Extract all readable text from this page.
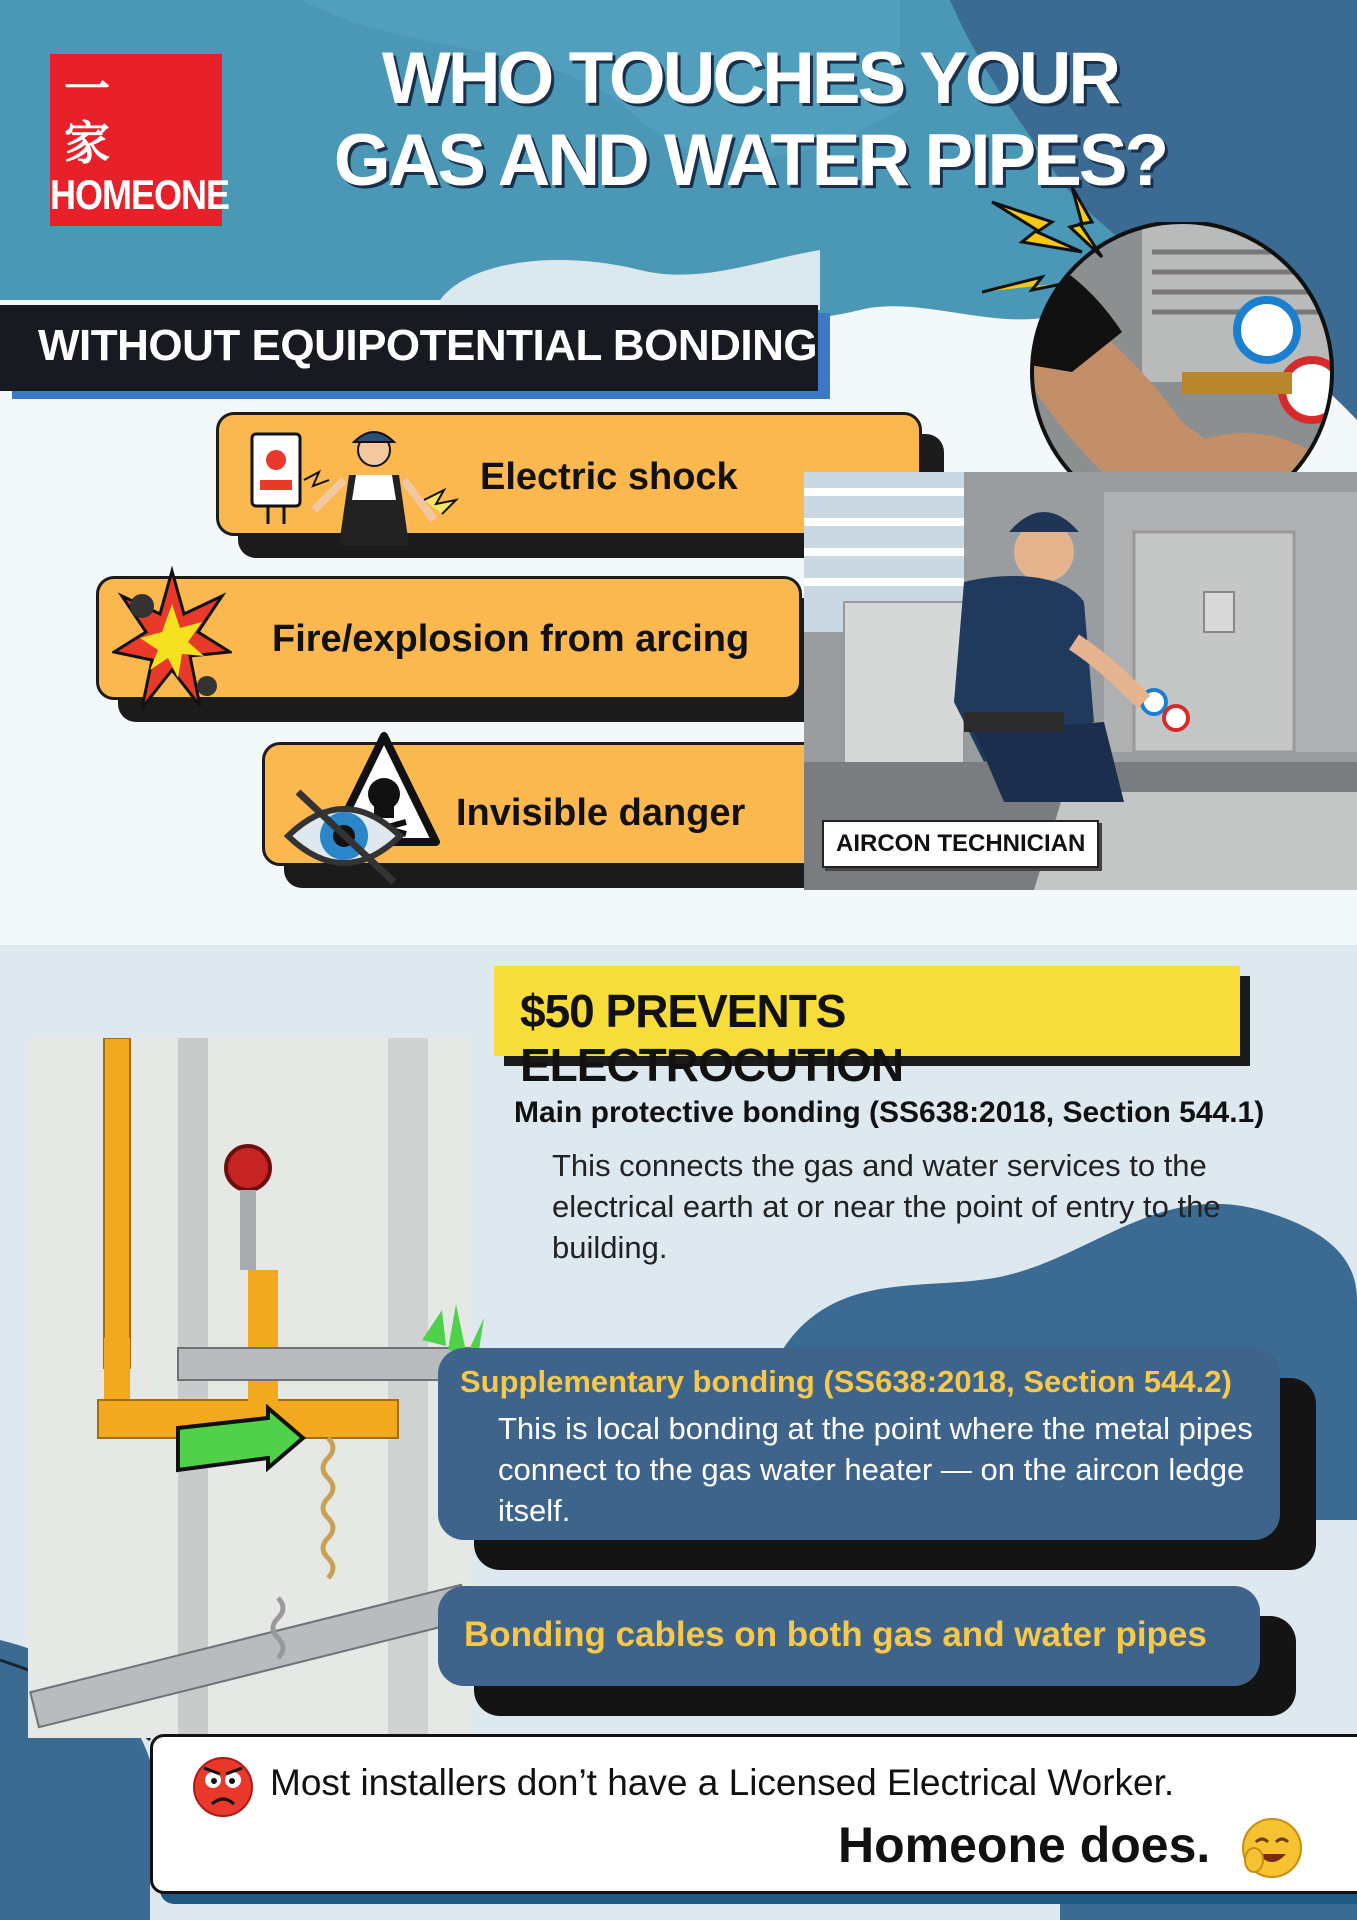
一
家
HOMEONE
WHO TOUCHES YOUR
GAS AND WATER PIPES?
WITHOUT EQUIPOTENTIAL BONDING
Electric shock
Fire/explosion from arcing
Invisible danger
AIRCON TECHNICIAN
$50 PREVENTS ELECTROCUTION
Main protective bonding (SS638:2018, Section 544.1)
This connects the gas and water services to the electrical earth at or near the point of entry to the building.
Supplementary bonding (SS638:2018, Section 544.2)
This is local bonding at the point where the metal pipes connect to the gas water heater — on the aircon ledge itself.
Bonding cables on both gas and water pipes
Most installers don’t have a Licensed Electrical Worker.
Homeone does.
